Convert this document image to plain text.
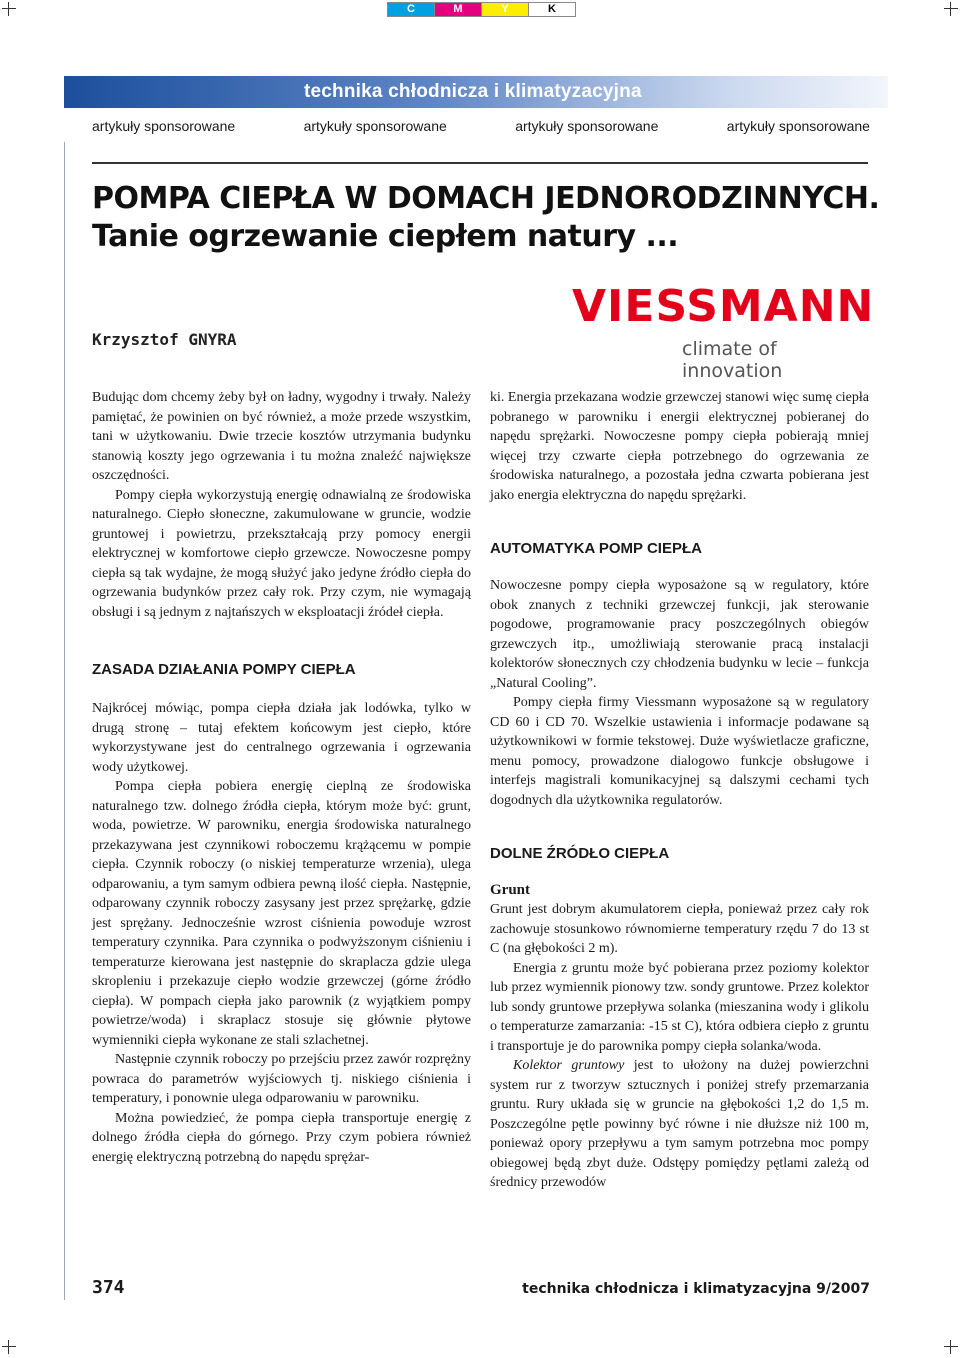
C	M	Y	K
technika chłodnicza i klimatyzacyjna
artykuły sponsorowane	artykuły sponsorowane	artykuły sponsorowane	artykuły sponsorowane
POMPA CIEPŁA W DOMACH JEDNORODZINNYCH.
Tanie ogrzewanie ciepłem natury ...
Krzysztof GNYRA
VIESSMANN
climate of innovation

Budując dom chcemy żeby był on ładny, wygodny i trwały. Należy pamiętać, że powinien on być również, a może przede wszystkim, tani w użytkowaniu. Dwie trzecie kosztów utrzymania budynku stanowią koszty jego ogrzewania i tu można znaleźć największe oszczędności.

Pompy ciepła wykorzystują energię odnawialną ze środowiska naturalnego. Ciepło słoneczne, zakumulowane w gruncie, wodzie gruntowej i powietrzu, przekształcają przy pomocy energii elektrycznej w komfortowe ciepło grzewcze. Nowoczesne pompy ciepła są tak wydajne, że mogą służyć jako jedyne źródło ciepła do ogrzewania budynków przez cały rok. Przy czym, nie wymagają obsługi i są jednym z najtańszych w eksploatacji źródeł ciepła.

ZASADA DZIAŁANIA POMPY CIEPŁA

Najkrócej mówiąc, pompa ciepła działa jak lodówka, tylko w drugą stronę – tutaj efektem końcowym jest ciepło, które wykorzystywane jest do centralnego ogrzewania i ogrzewania wody użytkowej.

Pompa ciepła pobiera energię cieplną ze środowiska naturalnego tzw. dolnego źródła ciepła, którym może być: grunt, woda, powietrze. W parowniku, energia środowiska naturalnego przekazywana jest czynnikowi roboczemu krążącemu w pompie ciepła. Czynnik roboczy (o niskiej temperaturze wrzenia), ulega odparowaniu, a tym samym odbiera pewną ilość ciepła. Następnie, odparowany czynnik roboczy zasysany jest przez sprężarkę, gdzie jest sprężany. Jednocześnie wzrost ciśnienia powoduje wzrost temperatury czynnika. Para czynnika o podwyższonym ciśnieniu i temperaturze kierowana jest następnie do skraplacza gdzie ulega skropleniu i przekazuje ciepło wodzie grzewczej (górne źródło ciepła). W pompach ciepła jako parownik (z wyjątkiem pompy powietrze/woda) i skraplacz stosuje się głównie płytowe wymienniki ciepła wykonane ze stali szlachetnej.

Następnie czynnik roboczy po przejściu przez zawór rozprężny powraca do parametrów wyjściowych tj. niskiego ciśnienia i temperatury, i ponownie ulega odparowaniu w parowniku.

Można powiedzieć, że pompa ciepła transportuje energię z dolnego źródła ciepła do górnego. Przy czym pobiera również energię elektryczną potrzebną do napędu sprężar-

ki. Energia przekazana wodzie grzewczej stanowi więc sumę ciepła pobranego w parowniku i energii elektrycznej pobieranej do napędu sprężarki. Nowoczesne pompy ciepła pobierają mniej więcej trzy czwarte ciepła potrzebnego do ogrzewania ze środowiska naturalnego, a pozostała jedna czwarta pobierana jest jako energia elektryczna do napędu sprężarki.

AUTOMATYKA POMP CIEPŁA

Nowoczesne pompy ciepła wyposażone są w regulatory, które obok znanych z techniki grzewczej funkcji, jak sterowanie pogodowe, programowanie pracy poszczególnych obiegów grzewczych itp., umożliwiają sterowanie pracą instalacji kolektorów słonecznych czy chłodzenia budynku w lecie – funkcja „Natural Cooling”.

Pompy ciepła firmy Viessmann wyposażone są w regulatory CD 60 i CD 70. Wszelkie ustawienia i informacje podawane są użytkownikowi w formie tekstowej. Duże wyświetlacze graficzne, menu pomocy, prowadzone dialogowo funkcje obsługowe i interfejs magistrali komunikacyjnej są dalszymi cechami tych dogodnych dla użytkownika regulatorów.

DOLNE ŹRÓDŁO CIEPŁA
Grunt

Grunt jest dobrym akumulatorem ciepła, ponieważ przez cały rok zachowuje stosunkowo równomierne temperatury rzędu 7 do 13 st C (na głębokości 2 m).

Energia z gruntu może być pobierana przez poziomy kolektor lub przez wymiennik pionowy tzw. sondy gruntowe. Przez kolektor lub sondy gruntowe przepływa solanka (mieszanina wody i glikolu o temperaturze zamarzania: -15 st C), która odbiera ciepło z gruntu i transportuje je do parownika pompy ciepła solanka/woda.

Kolektor gruntowy jest to ułożony na dużej powierzchni system rur z tworzyw sztucznych i poniżej strefy przemarzania gruntu. Rury układa się w gruncie na głębokości 1,2 do 1,5 m. Poszczególne pętle powinny być równe i nie dłuższe niż 100 m, ponieważ opory przepływu a tym samym potrzebna moc pompy obiegowej będą zbyt duże. Odstępy pomiędzy pętlami zależą od średnicy przewodów

374	technika chłodnicza i klimatyzacyjna 9/2007
